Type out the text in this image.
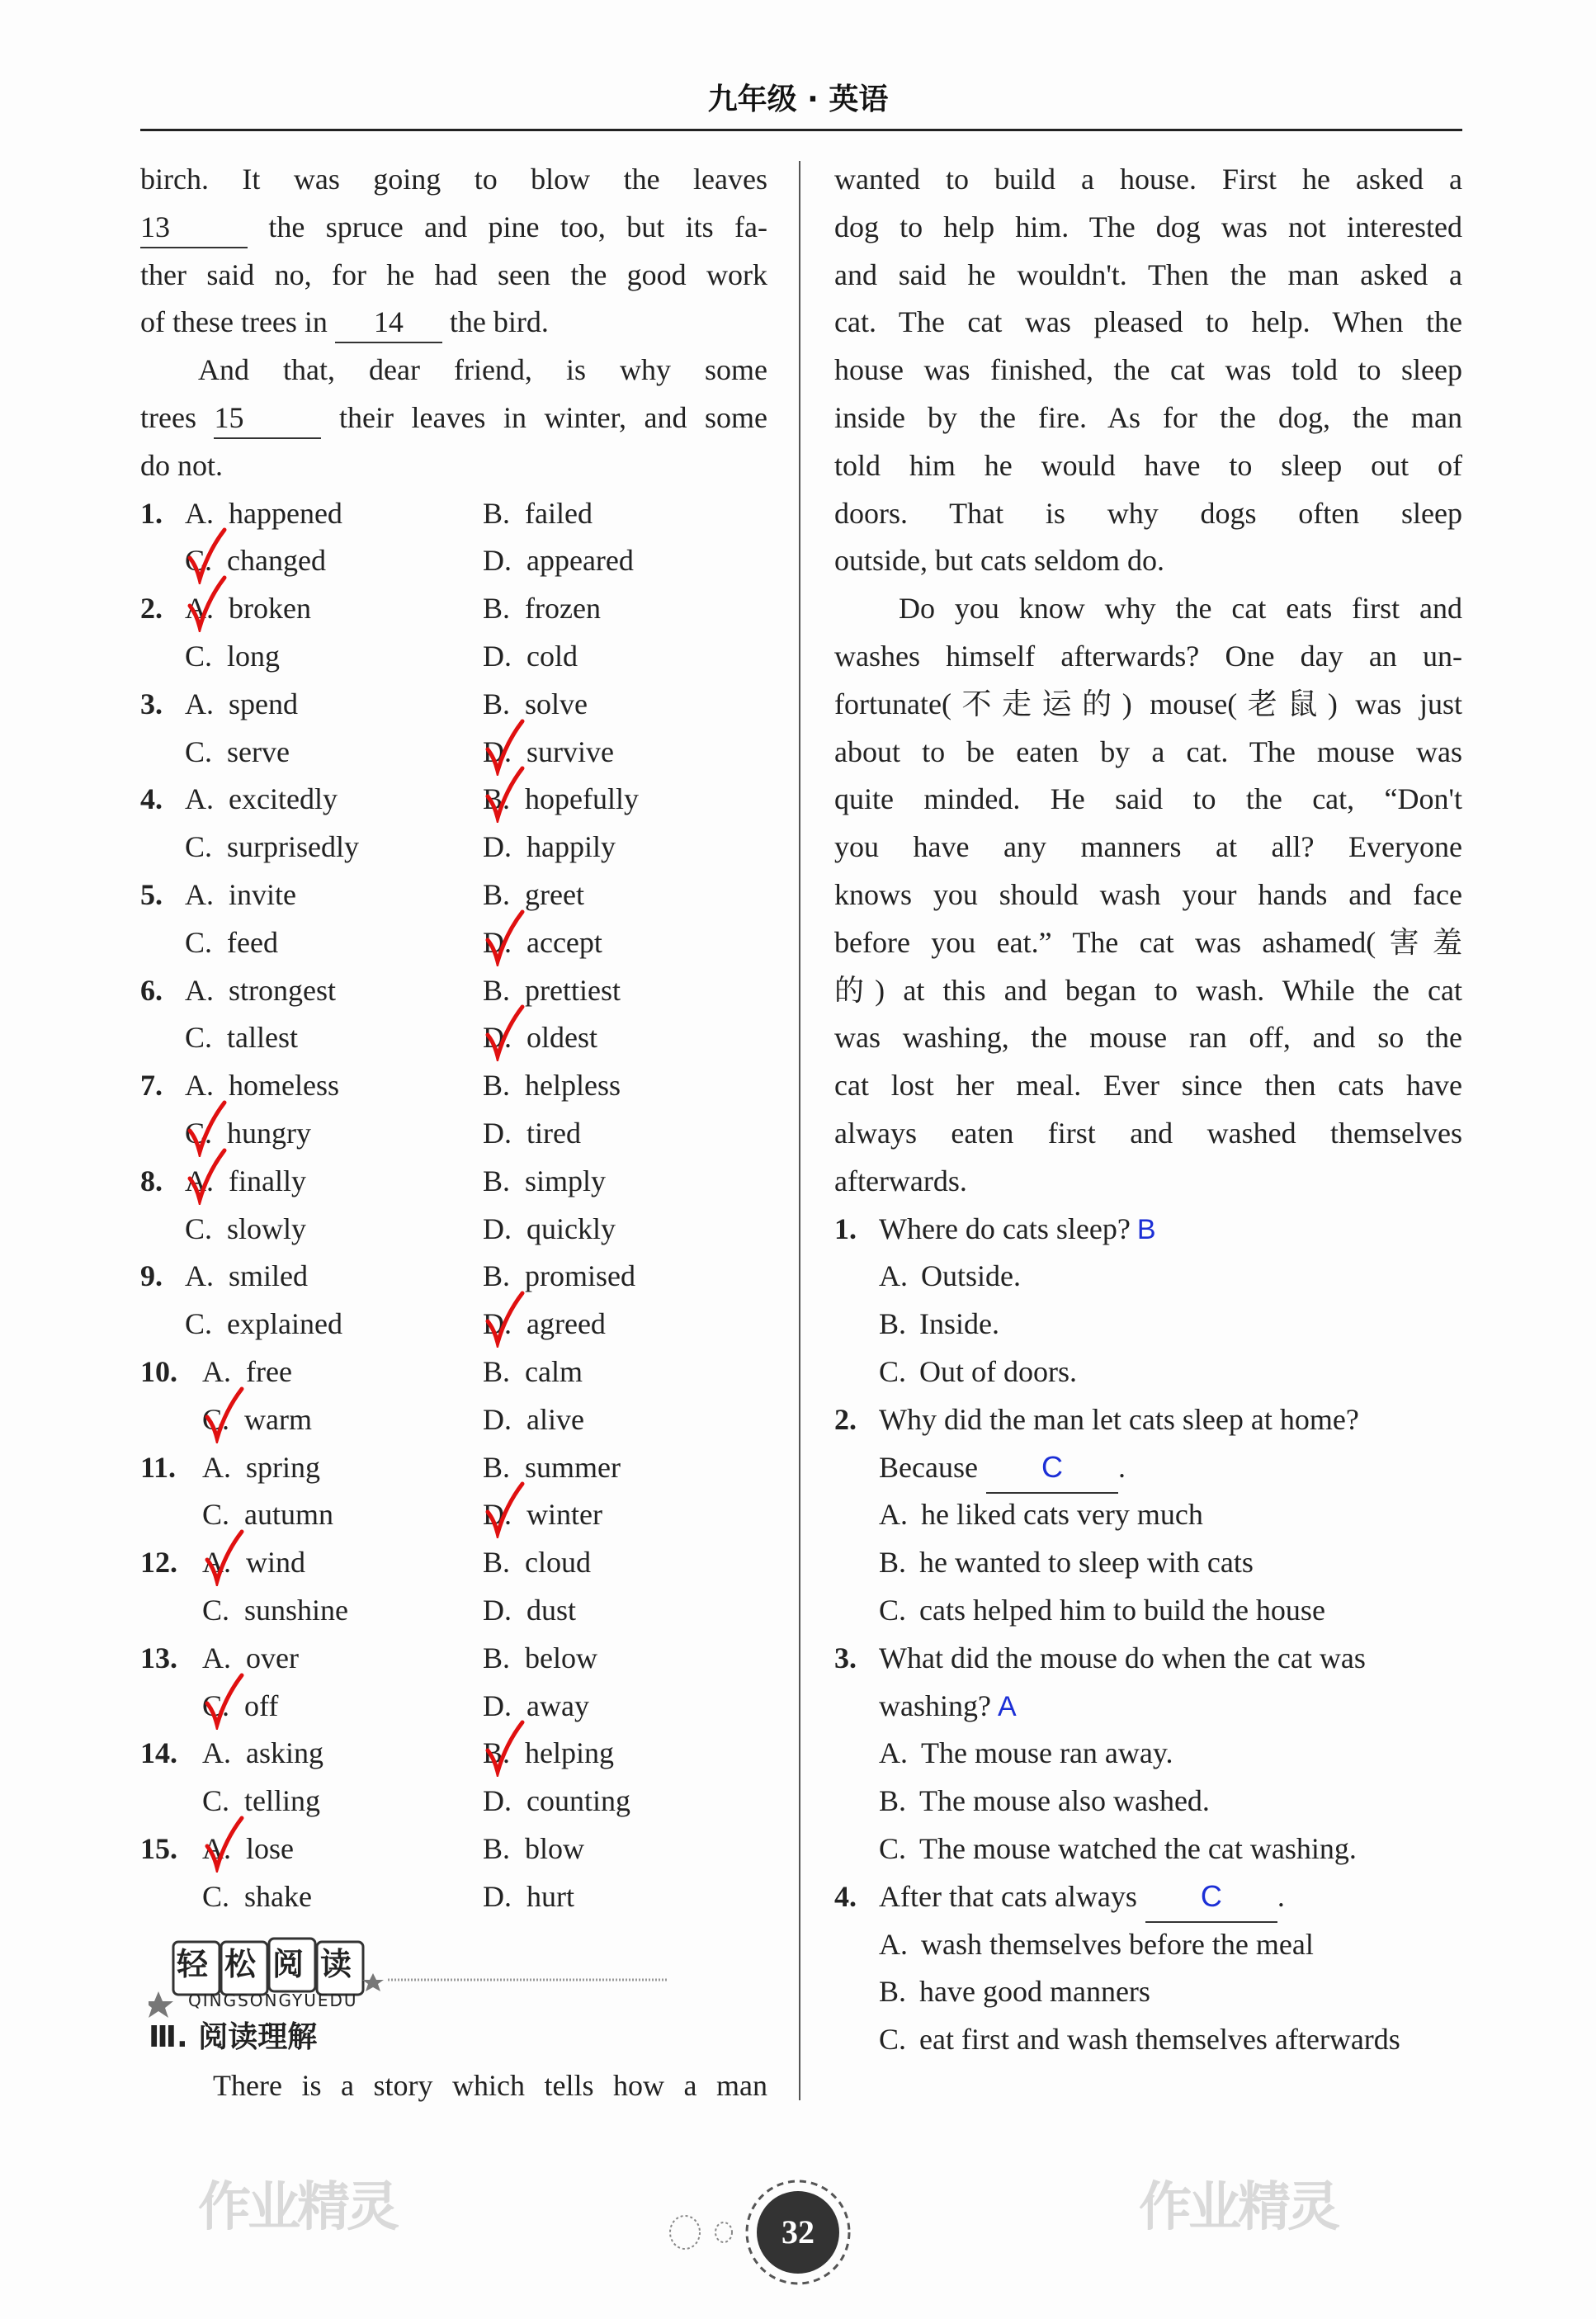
九年级 · 英语
birch. It was going to blow the leaves
13	the spruce and pine too, but its fa-
ther said no, for he had seen the good work
of these trees in 14 the bird.
And that, dear friend, is why some
trees 15	their leaves in winter, and some
do not.
A. happened	B. failed
C. changed	D. appeared
1.
A. broken	B. frozen
C. long	D. cold
2.
A. spend	B. solve
C. serve	D. survive
3.
A. excitedly	B. hopefully
C. surprisedly	D. happily
4.
A. invite	B. greet
C. feed	D. accept
5.
A. strongest	B. prettiest
C. tallest	D. oldest
6.
A. homeless	B. helpless
C. hungry	D. tired
7.
A. finally	B. simply
C. slowly	D. quickly
8.
A. smiled	B. promised
C. explained	D. agreed
9.
A. free	B. calm
C. warm	D. alive
10.
A. spring	B. summer
C. autumn	D. winter
11.
A. wind	B. cloud
C. sunshine	D. dust
12.
A. over	B. below
C. off	D. away
13.
A. asking	B. helping
C. telling	D. counting
14.
A. lose	B. blow
C. shake	D. hurt
15.
wanted to build a house. First he asked a
dog to help him. The dog was not interested
and said he wouldn't. Then the man asked a
cat. The cat was pleased to help. When the
house was finished, the cat was told to sleep
inside by the fire. As for the dog, the man
told him he would have to sleep out of
doors. That is why dogs often sleep
outside, but cats seldom do.
Do you know why the cat eats first and
washes himself afterwards? One day an un-
fortunate(不走运的) mouse(老鼠) was just
about to be eaten by a cat. The mouse was
quite minded. He said to the cat, “Don't
you have any manners at all? Everyone
knows you should wash your hands and face
before you eat.” The cat was ashamed(害羞
的) at this and began to wash. While the cat
was washing, the mouse ran off, and so the
cat lost her meal. Ever since then cats have
always eaten first and washed themselves
afterwards.
Where do cats sleep? B
1.
A. Outside.
B. Inside.
C. Out of doors.
Why did the man let cats sleep at home?
2.
Because C .
A. he liked cats very much
B. he wanted to sleep with cats
C. cats helped him to build the house
What did the mouse do when the cat was
3.
washing? A
A. The mouse ran away.
B. The mouse also washed.
C. The mouse watched the cat washing.
After that cats always C .
4.
A. wash themselves before the meal
B. have good manners
C. eat first and wash themselves afterwards
作业精灵	作业精灵
轻松阅读
QINGSONGYUEDU
Ⅲ. 阅读理解
There is a story which tells how a man
32
